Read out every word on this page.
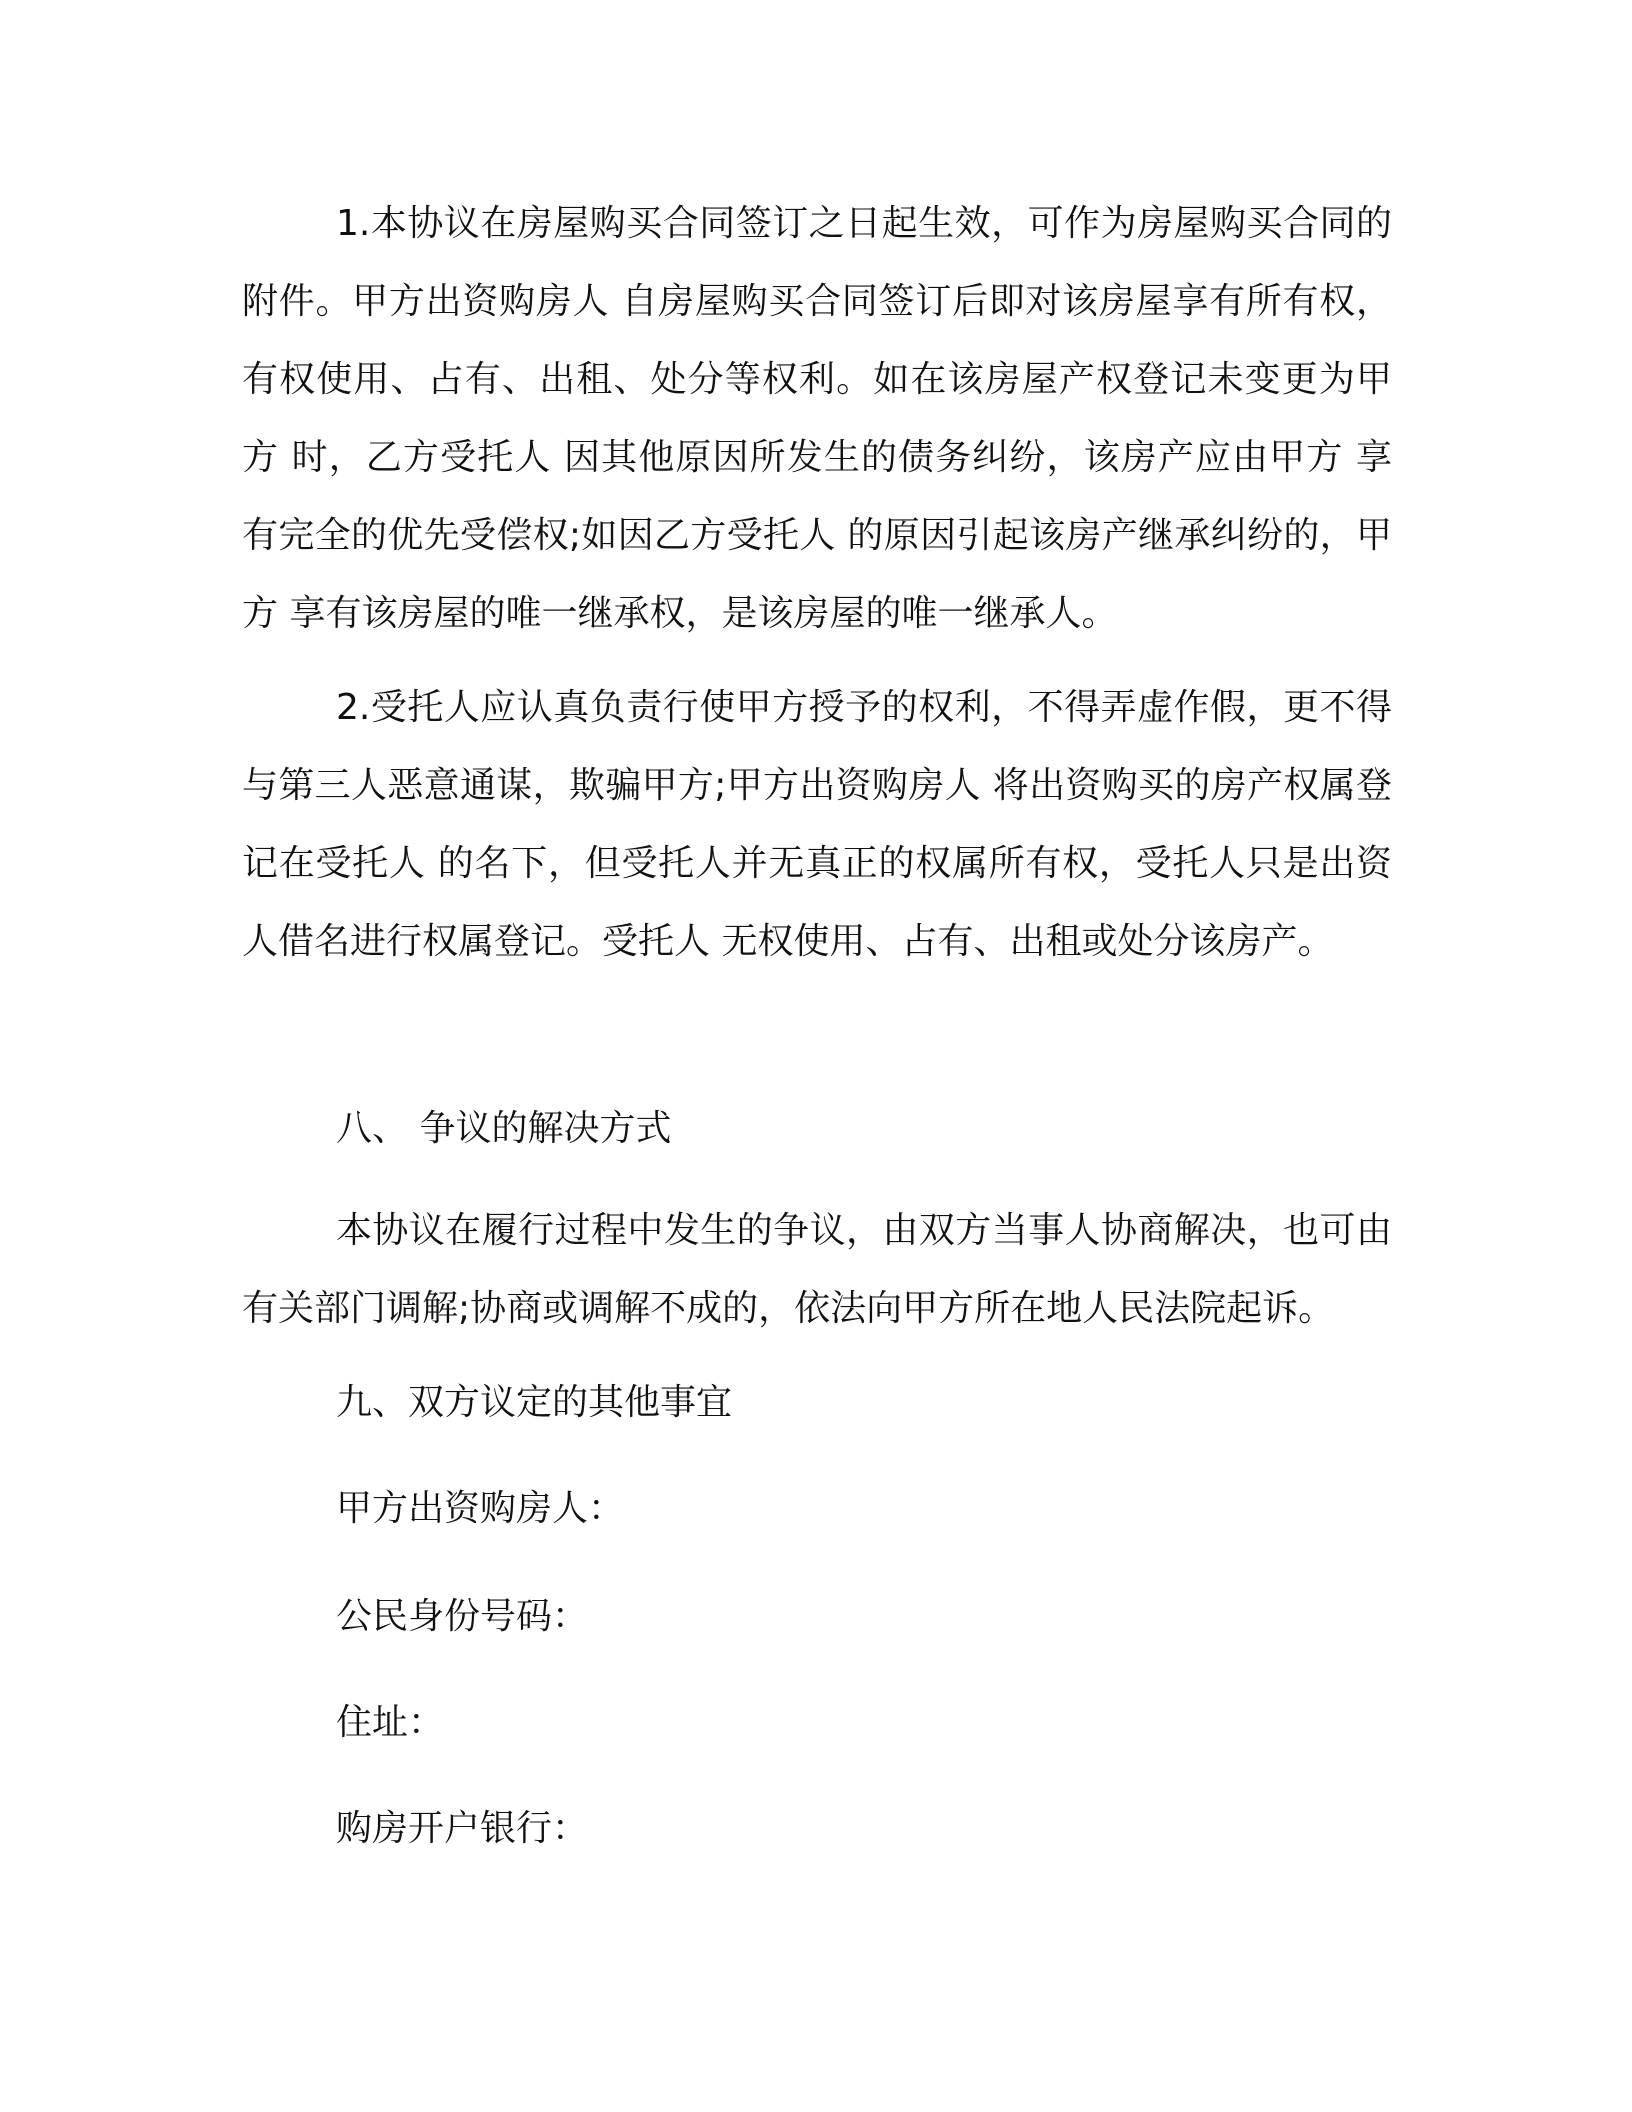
1.本协议在房屋购买合同签订之日起生效，可作为房屋购买合同的附件。甲方出资购房人 自房屋购买合同签订后即对该房屋享有所有权，有权使用、占有、出租、处分等权利。如在该房屋产权登记未变更为甲方 时，乙方受托人 因其他原因所发生的债务纠纷，该房产应由甲方 享有完全的优先受偿权;如因乙方受托人 的原因引起该房产继承纠纷的，甲方 享有该房屋的唯一继承权，是该房屋的唯一继承人。

2.受托人应认真负责行使甲方授予的权利，不得弄虚作假，更不得与第三人恶意通谋，欺骗甲方;甲方出资购房人 将出资购买的房产权属登记在受托人 的名下，但受托人并无真正的权属所有权，受托人只是出资人借名进行权属登记。受托人 无权使用、占有、出租或处分该房产。

八、 争议的解决方式

本协议在履行过程中发生的争议，由双方当事人协商解决，也可由有关部门调解;协商或调解不成的，依法向甲方所在地人民法院起诉。

九、双方议定的其他事宜

甲方出资购房人：

公民身份号码：

住址：

购房开户银行：
